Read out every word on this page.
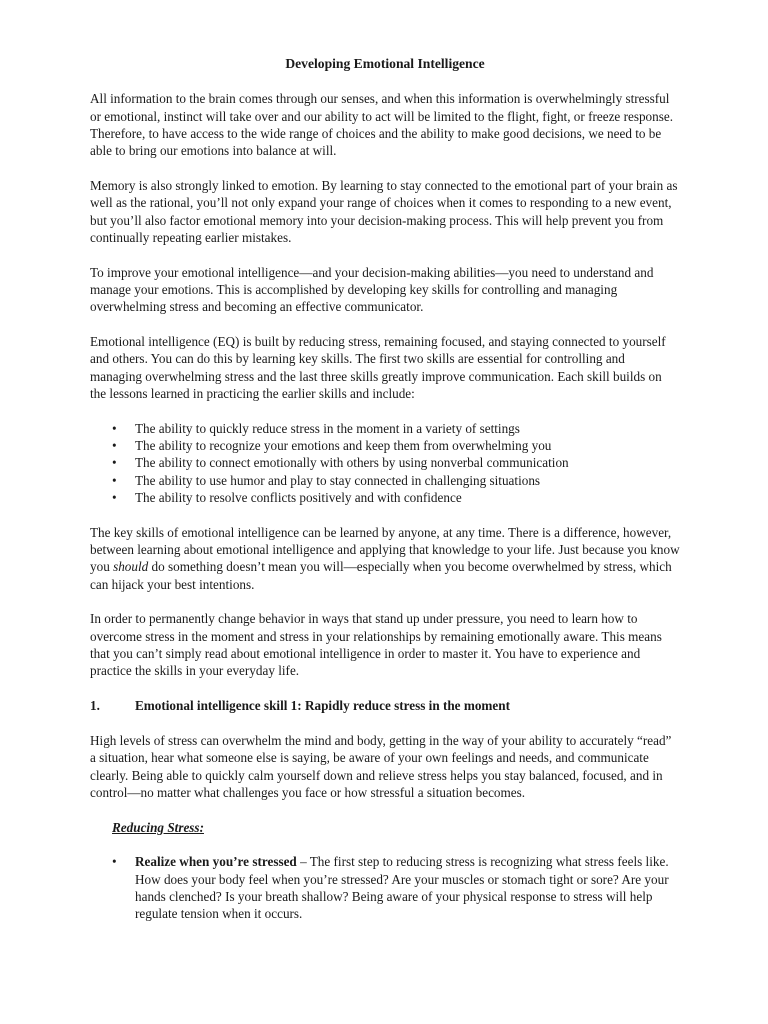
Developing Emotional Intelligence

All information to the brain comes through our senses, and when this information is overwhelmingly stressful or emotional, instinct will take over and our ability to act will be limited to the flight, fight, or freeze response. Therefore, to have access to the wide range of choices and the ability to make good decisions, we need to be able to bring our emotions into balance at will.

Memory is also strongly linked to emotion. By learning to stay connected to the emotional part of your brain as well as the rational, you’ll not only expand your range of choices when it comes to responding to a new event, but you’ll also factor emotional memory into your decision-making process. This will help prevent you from continually repeating earlier mistakes.

To improve your emotional intelligence—and your decision-making abilities—you need to understand and manage your emotions. This is accomplished by developing key skills for controlling and managing overwhelming stress and becoming an effective communicator.

Emotional intelligence (EQ) is built by reducing stress, remaining focused, and staying connected to yourself and others. You can do this by learning key skills. The first two skills are essential for controlling and managing overwhelming stress and the last three skills greatly improve communication. Each skill builds on the lessons learned in practicing the earlier skills and include:

• The ability to quickly reduce stress in the moment in a variety of settings
• The ability to recognize your emotions and keep them from overwhelming you
• The ability to connect emotionally with others by using nonverbal communication
• The ability to use humor and play to stay connected in challenging situations
• The ability to resolve conflicts positively and with confidence

The key skills of emotional intelligence can be learned by anyone, at any time. There is a difference, however, between learning about emotional intelligence and applying that knowledge to your life. Just because you know you should do something doesn’t mean you will—especially when you become overwhelmed by stress, which can hijack your best intentions.

In order to permanently change behavior in ways that stand up under pressure, you need to learn how to overcome stress in the moment and stress in your relationships by remaining emotionally aware. This means that you can’t simply read about emotional intelligence in order to master it. You have to experience and practice the skills in your everyday life.

1.	Emotional intelligence skill 1: Rapidly reduce stress in the moment

High levels of stress can overwhelm the mind and body, getting in the way of your ability to accurately “read” a situation, hear what someone else is saying, be aware of your own feelings and needs, and communicate clearly. Being able to quickly calm yourself down and relieve stress helps you stay balanced, focused, and in control—no matter what challenges you face or how stressful a situation becomes.

Reducing Stress:
• Realize when you’re stressed – The first step to reducing stress is recognizing what stress feels like. How does your body feel when you’re stressed? Are your muscles or stomach tight or sore? Are your hands clenched? Is your breath shallow? Being aware of your physical response to stress will help regulate tension when it occurs.
